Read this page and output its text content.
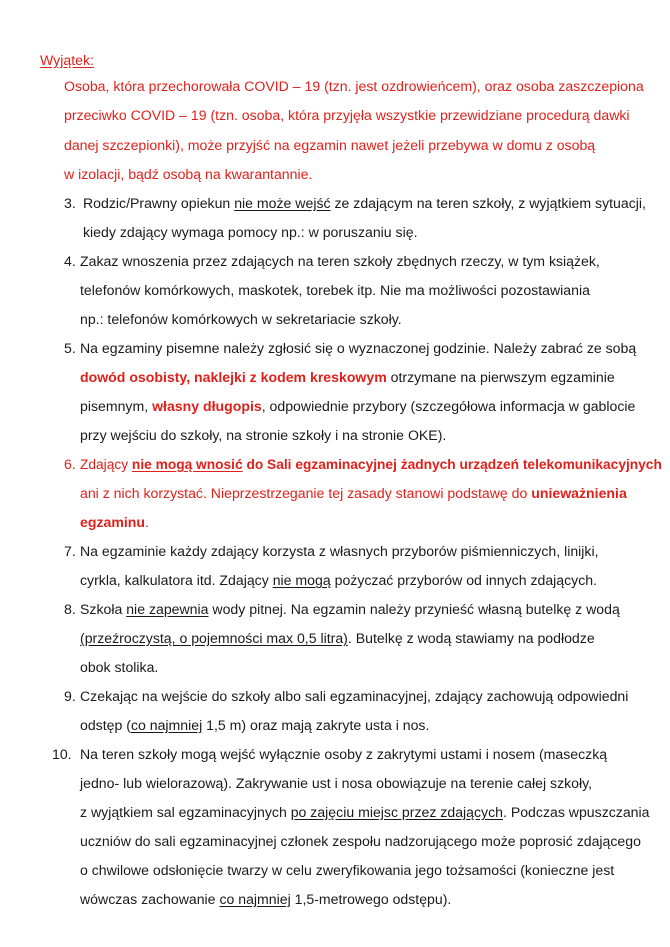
Wyjątek:
Osoba, która przechorowała COVID – 19 (tzn. jest ozdrowieńcem), oraz osoba zaszczepiona
przeciwko COVID – 19 (tzn. osoba, która przyjęła wszystkie przewidziane procedurą dawki
danej szczepionki), może przyjść na egzamin nawet jeżeli przebywa w domu z osobą
w izolacji, bądź osobą na kwarantannie.
3. Rodzic/Prawny opiekun nie może wejść ze zdającym na teren szkoły, z wyjątkiem sytuacji,
kiedy zdający wymaga pomocy np.: w poruszaniu się.
4. Zakaz wnoszenia przez zdających na teren szkoły zbędnych rzeczy, w tym książek,
telefonów komórkowych, maskotek, torebek itp. Nie ma możliwości pozostawiania
np.: telefonów komórkowych w sekretariacie szkoły.
5. Na egzaminy pisemne należy zgłosić się o wyznaczonej godzinie. Należy zabrać ze sobą
dowód osobisty, naklejki z kodem kreskowym otrzymane na pierwszym egzaminie
pisemnym, własny długopis, odpowiednie przybory (szczegółowa informacja w gablocie
przy wejściu do szkoły, na stronie szkoły i na stronie OKE).
6. Zdający nie mogą wnosić do Sali egzaminacyjnej żadnych urządzeń telekomunikacyjnych
ani z nich korzystać. Nieprzestrzeganie tej zasady stanowi podstawę do unieważnienia
egzaminu.
7. Na egzaminie każdy zdający korzysta z własnych przyborów piśmienniczych, linijki,
cyrkla, kalkulatora itd. Zdający nie mogą pożyczać przyborów od innych zdających.
8. Szkoła nie zapewnia wody pitnej. Na egzamin należy przynieść własną butelkę z wodą
(przeźroczystą, o pojemności max 0,5 litra). Butelkę z wodą stawiamy na podłodze
obok stolika.
9. Czekając na wejście do szkoły albo sali egzaminacyjnej, zdający zachowują odpowiedni
odstęp (co najmniej 1,5 m) oraz mają zakryte usta i nos.
10. Na teren szkoły mogą wejść wyłącznie osoby z zakrytymi ustami i nosem (maseczką
jedno- lub wielorazową). Zakrywanie ust i nosa obowiązuje na terenie całej szkoły,
z wyjątkiem sal egzaminacyjnych po zajęciu miejsc przez zdających. Podczas wpuszczania
uczniów do sali egzaminacyjnej członek zespołu nadzorującego może poprosić zdającego
o chwilowe odsłonięcie twarzy w celu zweryfikowania jego tożsamości (konieczne jest
wówczas zachowanie co najmniej 1,5-metrowego odstępu).
